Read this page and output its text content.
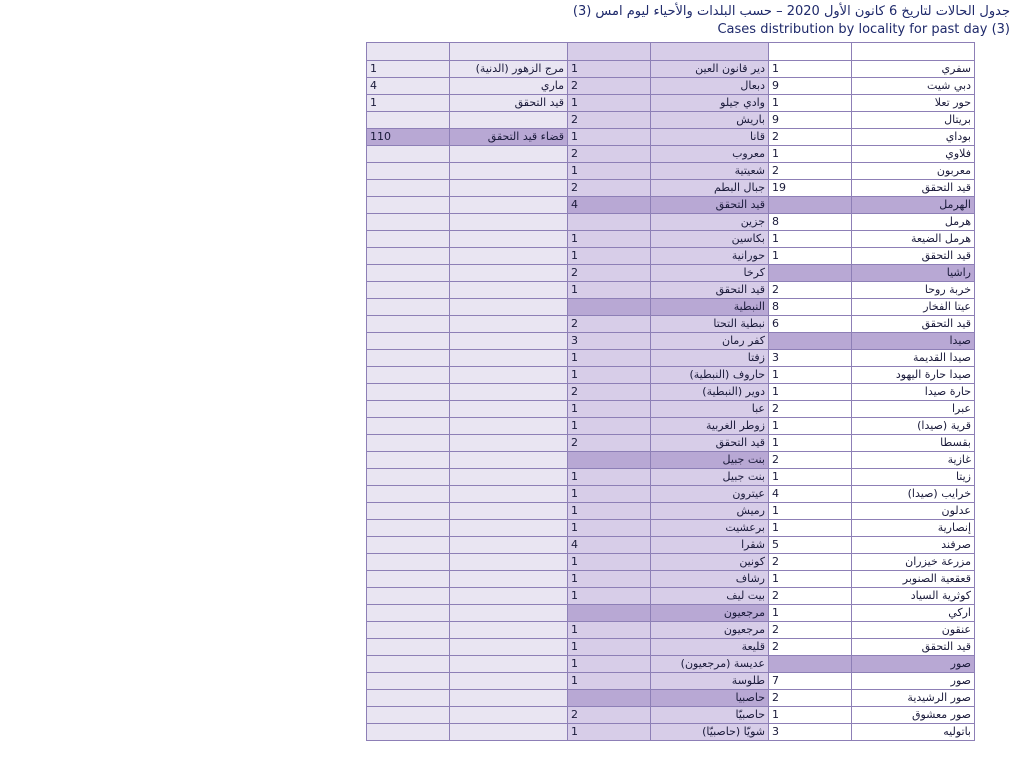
جدول الحالات لتاريخ 6 كانون الأول 2020 – حسب البلدات والأحياء ليوم امس (3)
Cases distribution by locality for past day (3)

1	مرج الزهور (الدنية)	1	دير قانون العين	1	سفري
4	ماري	2	دبعال	9	دبي شيت
1	قيد التحقق	1	وادي جيلو	1	حور تعلا
		2	باريش	9	بريتال
110	قضاء قيد التحقق	1	قانا	2	بوداي
		2	معروب	1	فلاوي
		1	شعيتية	2	معربون
		2	جبال البطم	19	قيد التحقق
		4	قيد التحقق		الهرمل
			جزين	8	هرمل
		1	بكاسين	1	هرمل الضيعة
		1	حورانية	1	قيد التحقق
		2	كرخا		راشيا
		1	قيد التحقق	2	خربة روحا
			النبطية	8	عيتا الفخار
		2	نبطية التحتا	6	قيد التحقق
		3	كفر رمان		صيدا
		1	زفتا	3	صيدا القديمة
		1	حاروف (النبطية)	1	صيدا حارة اليهود
		2	دوير (النبطية)	1	حارة صيدا
		1	عبا	2	عبرا
		1	زوطر الغربية	1	قرية (صيدا)
		2	قيد التحقق	1	بقسطا
			بنت جبيل	2	غازية
		1	بنت جبيل	1	زيتا
		1	عيترون	4	خرايب (صيدا)
		1	رميش	1	عدلون
		1	برعشيت	1	إنصارية
		4	شقرا	5	صرفند
		1	كونين	2	مزرعة خيزران
		1	رشاف	1	قعقعية الصنوبر
		1	بيت ليف	2	كوثرية السياد
			مرجعيون	1	اركي
		1	مرجعيون	2	عنقون
		1	قليعة	2	قيد التحقق
		1	عديسة (مرجعيون)		صور
		1	طلوسة	7	صور
			حاصبيا	2	صور الرشيدية
		2	حاصبيّا	1	صور معشوق
		1	شويّا (حاصبيّا)	3	باتوليه
